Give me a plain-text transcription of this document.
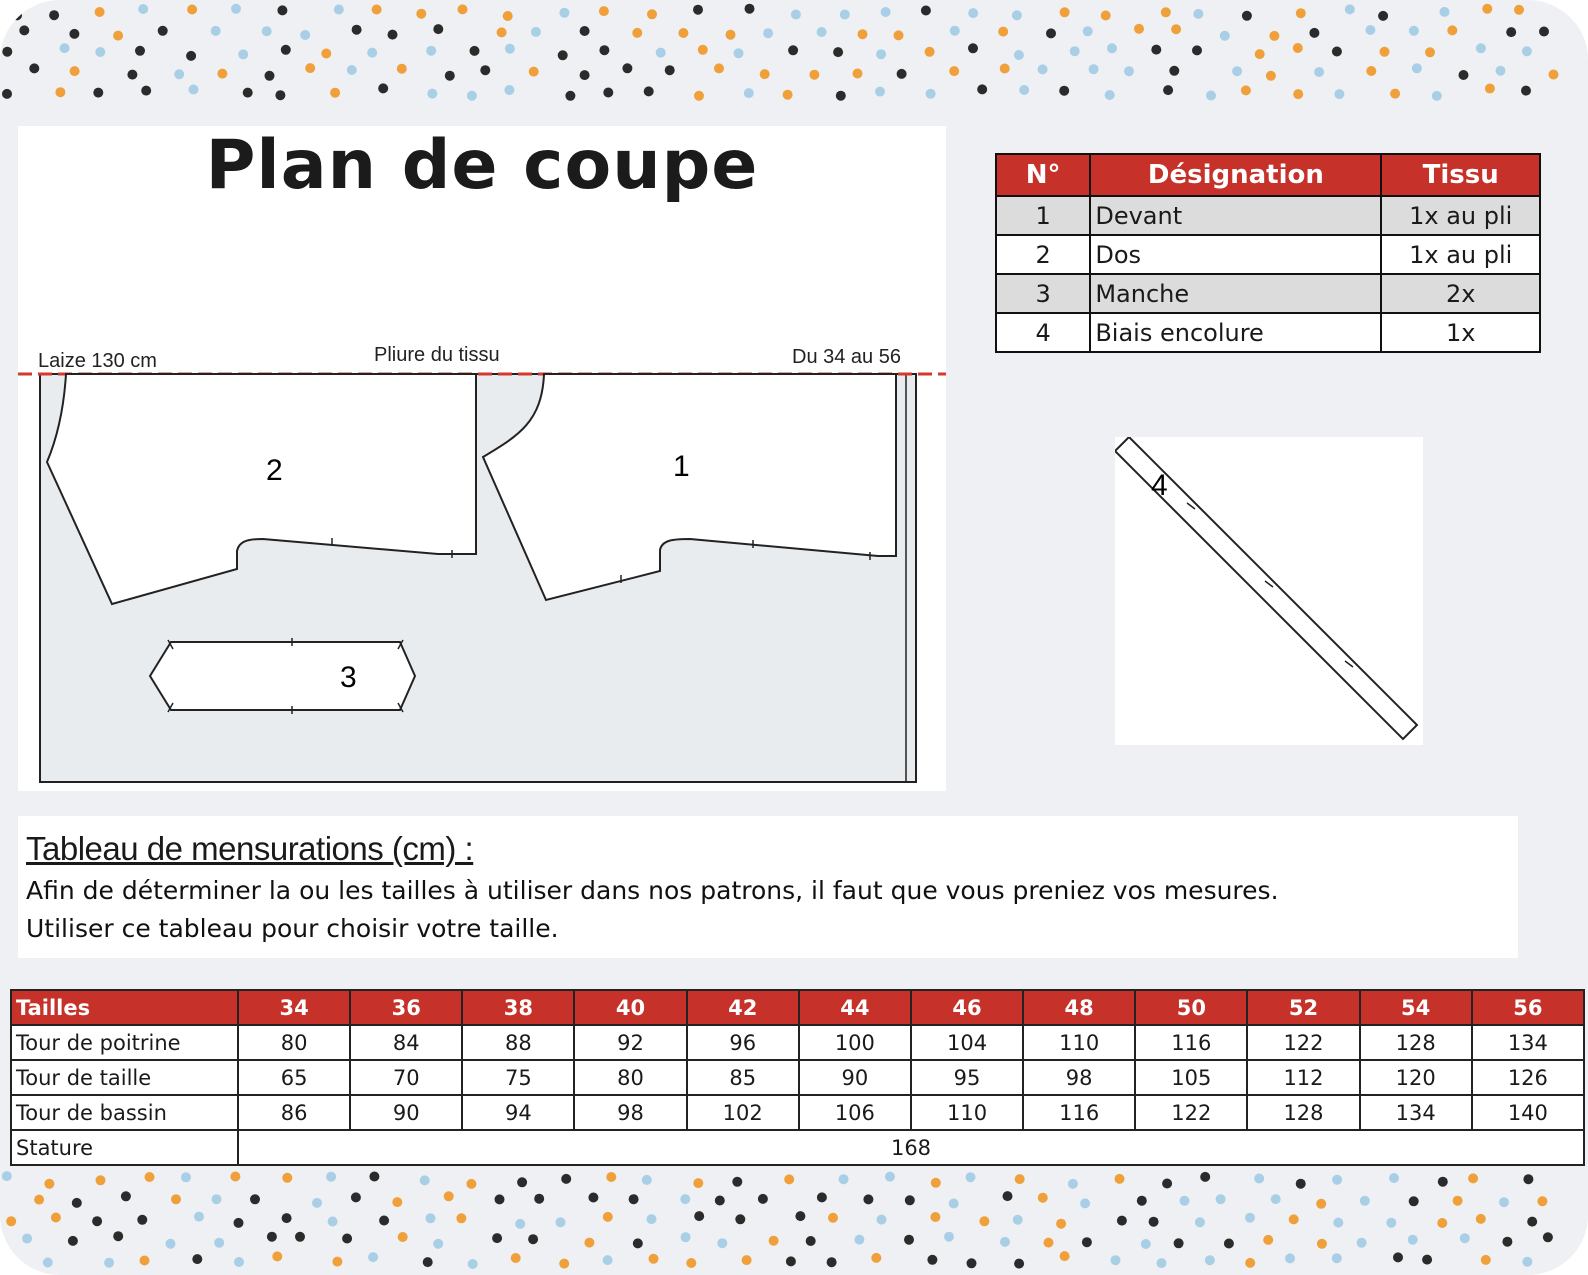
2	1
3
Plan de coupe
Laize 130 cm	Pliure du tissu	Du 34 au 56
4
N°	Désignation	Tissu
1	Devant	1x au pli
2	Dos	1x au pli
3	Manche	2x
4	Biais encolure	1x
Tableau de mensurations (cm) :
Afin de déterminer la ou les tailles à utiliser dans nos patrons, il faut que vous preniez vos mesures.
Utiliser ce tableau pour choisir votre taille.
Tailles	34	36	38	40	42	44	46	48	50	52	54	56
Tour de poitrine	80	84	88	92	96	100	104	110	116	122	128	134
Tour de taille	65	70	75	80	85	90	95	98	105	112	120	126
Tour de bassin	86	90	94	98	102	106	110	116	122	128	134	140
Stature	168											
